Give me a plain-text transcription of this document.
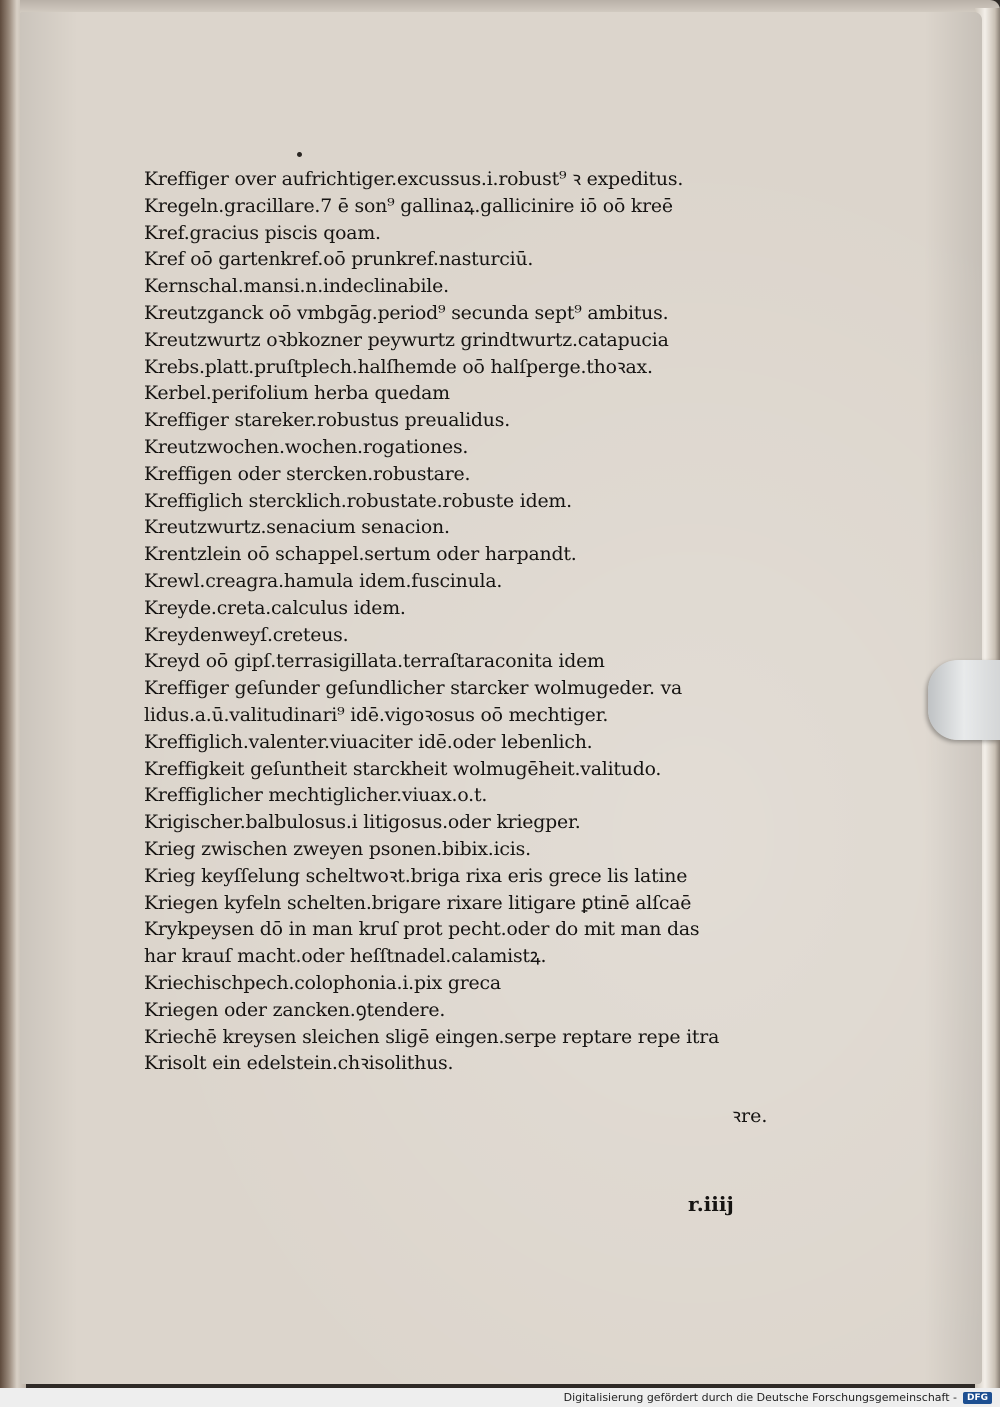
Kreffiger over aufrichtiger.excussus.i.robust⁹ ꝛ expeditus.
Kregeln.gracillare.7 ē son⁹ gallinaꝝ.gallicinire iō oō kreē
Kref.gracius piscis qoam.
Kref oō gartenkref.oō prunkref.nasturciū.
Kernschal.mansi.n.indeclinabile.
Kreutzganck oō vmbgāg.period⁹ secunda sept⁹ ambitus.
Kreutzwurtz oꝛbkozner peywurtz grindtwurtz.catapucia
Krebs.platt.pruſtplech.halſhemde oō halſperge.thoꝛax.
Kerbel.perifolium herba quedam
Kreffiger stareker.robustus preualidus.
Kreutzwochen.wochen.rogationes.
Kreffigen oder stercken.robustare.
Kreffiglich stercklich.robustate.robuste idem.
Kreutzwurtz.senacium senacion.
Krentzlein oō schappel.sertum oder harpandt.
Krewl.creagra.hamula idem.fuscinula.
Kreyde.creta.calculus idem.
Kreydenweyſ.creteus.
Kreyd oō gipſ.terrasigillata.terraſtaraconita idem
Kreffiger geſunder geſundlicher starcker wolmugeder. va
lidus.a.ū.valitudinari⁹ idē.vigoꝛosus oō mechtiger.
Kreffiglich.valenter.viuaciter idē.oder lebenlich.
Kreffigkeit geſuntheit starckheit wolmugēheit.valitudo.
Kreffiglicher mechtiglicher.viuax.o.t.
Krigischer.balbulosus.i litigosus.oder kriegper.
Krieg zwischen zweyen psonen.bibix.icis.
Krieg keyſſelung scheltwoꝛt.briga rixa eris grece lis latine
Kriegen kyfeln schelten.brigare rixare litigare ꝑtinē alſcaē
Krykpeysen dō in man kruſ prot pecht.oder do mit man das
har krauſ macht.oder heſſtnadel.calamistꝝ.
Kriechischpech.colophonia.i.pix greca
Kriegen oder zancken.ꝯtendere.
Kriechē kreysen sleichen sligē eingen.serpe reptare repe itra
Krisolt ein edelstein.chꝛisolithus.
ꝛre.
r.iiij
Digitalisierung gefördert durch die Deutsche Forschungsgemeinschaft -	DFG
